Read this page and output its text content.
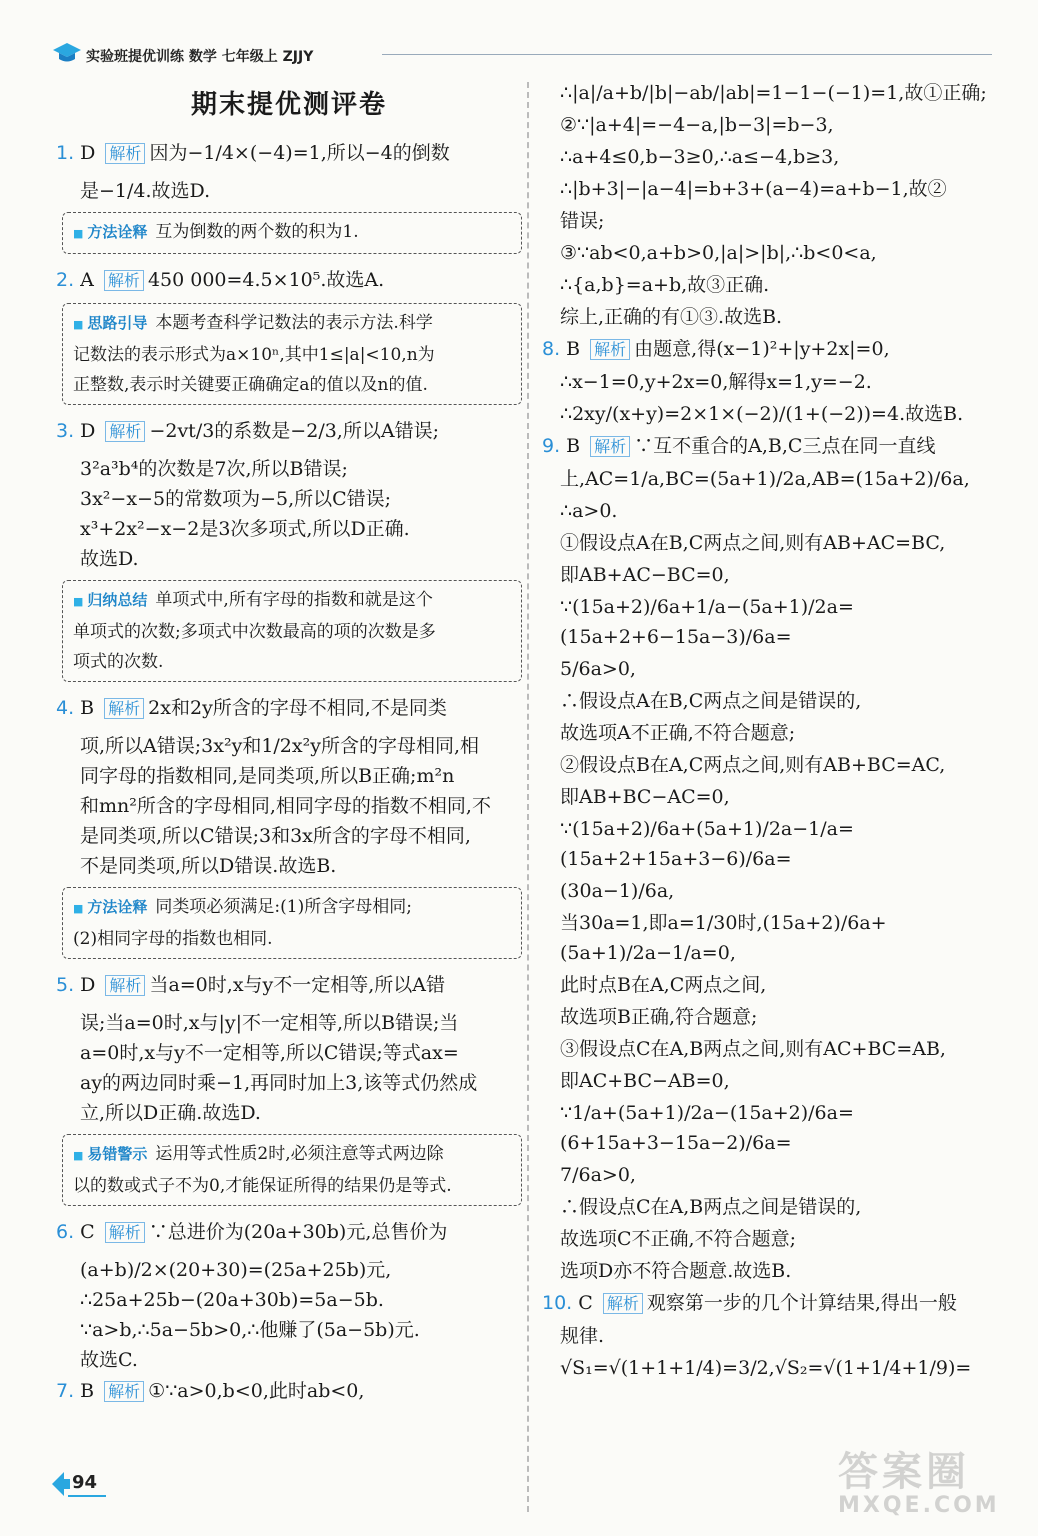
实验班提优训练 数学 七年级上 ZJJY
期末提优测评卷
1. D 解析 因为−1/4×(−4)=1,所以−4的倒数
是−1/4.故选D.
■ 方法诠释 互为倒数的两个数的积为1.
2. A 解析 450 000=4.5×10⁵.故选A.
■ 思路引导 本题考查科学记数法的表示方法.科学
记数法的表示形式为a×10ⁿ,其中1≤|a|<10,n为
正整数,表示时关键要正确确定a的值以及n的值.
3. D 解析 −2vt/3的系数是−2/3,所以A错误;
3²a³b⁴的次数是7次,所以B错误;
3x²−x−5的常数项为−5,所以C错误;
x³+2x²−x−2是3次多项式,所以D正确.
故选D.
■ 归纳总结 单项式中,所有字母的指数和就是这个
单项式的次数;多项式中次数最高的项的次数是多
项式的次数.
4. B 解析 2x和2y所含的字母不相同,不是同类
项,所以A错误;3x²y和1/2x²y所含的字母相同,相
同字母的指数相同,是同类项,所以B正确;m²n
和mn²所含的字母相同,相同字母的指数不相同,不
是同类项,所以C错误;3和3x所含的字母不相同,
不是同类项,所以D错误.故选B.
■ 方法诠释 同类项必须满足:(1)所含字母相同;
(2)相同字母的指数也相同.
5. D 解析 当a=0时,x与y不一定相等,所以A错
误;当a=0时,x与|y|不一定相等,所以B错误;当
a=0时,x与y不一定相等,所以C错误;等式ax=
ay的两边同时乘−1,再同时加上3,该等式仍然成
立,所以D正确.故选D.
■ 易错警示 运用等式性质2时,必须注意等式两边除
以的数或式子不为0,才能保证所得的结果仍是等式.
6. C 解析 ∵总进价为(20a+30b)元,总售价为
(a+b)/2×(20+30)=(25a+25b)元,
∴25a+25b−(20a+30b)=5a−5b.
∵a>b,∴5a−5b>0,∴他赚了(5a−5b)元.
故选C.
7. B 解析 ①∵a>0,b<0,此时ab<0,
∴|a|/a+b/|b|−ab/|ab|=1−1−(−1)=1,故①正确;
②∵|a+4|=−4−a,|b−3|=b−3,
∴a+4≤0,b−3≥0,∴a≤−4,b≥3,
∴|b+3|−|a−4|=b+3+(a−4)=a+b−1,故②
错误;
③∵ab<0,a+b>0,|a|>|b|,∴b<0<a,
∴{a,b}=a+b,故③正确.
综上,正确的有①③.故选B.
8. B 解析 由题意,得(x−1)²+|y+2x|=0,
∴x−1=0,y+2x=0,解得x=1,y=−2.
∴2xy/(x+y)=2×1×(−2)/(1+(−2))=4.故选B.
9. B 解析 ∵互不重合的A,B,C三点在同一直线
上,AC=1/a,BC=(5a+1)/2a,AB=(15a+2)/6a,
∴a>0.
①假设点A在B,C两点之间,则有AB+AC=BC,
即AB+AC−BC=0,
∵(15a+2)/6a+1/a−(5a+1)/2a=(15a+2+6−15a−3)/6a=
5/6a>0,
∴假设点A在B,C两点之间是错误的,
故选项A不正确,不符合题意;
②假设点B在A,C两点之间,则有AB+BC=AC,
即AB+BC−AC=0,
∵(15a+2)/6a+(5a+1)/2a−1/a=(15a+2+15a+3−6)/6a=
(30a−1)/6a,
当30a=1,即a=1/30时,(15a+2)/6a+(5a+1)/2a−1/a=0,
此时点B在A,C两点之间,
故选项B正确,符合题意;
③假设点C在A,B两点之间,则有AC+BC=AB,
即AC+BC−AB=0,
∵1/a+(5a+1)/2a−(15a+2)/6a=(6+15a+3−15a−2)/6a=
7/6a>0,
∴假设点C在A,B两点之间是错误的,
故选项C不正确,不符合题意;
选项D亦不符合题意.故选B.
10. C 解析 观察第一步的几个计算结果,得出一般
规律.
√S₁=√(1+1+1/4)=3/2,√S₂=√(1+1/4+1/9)=
94	答案圈
MXQE.COM
